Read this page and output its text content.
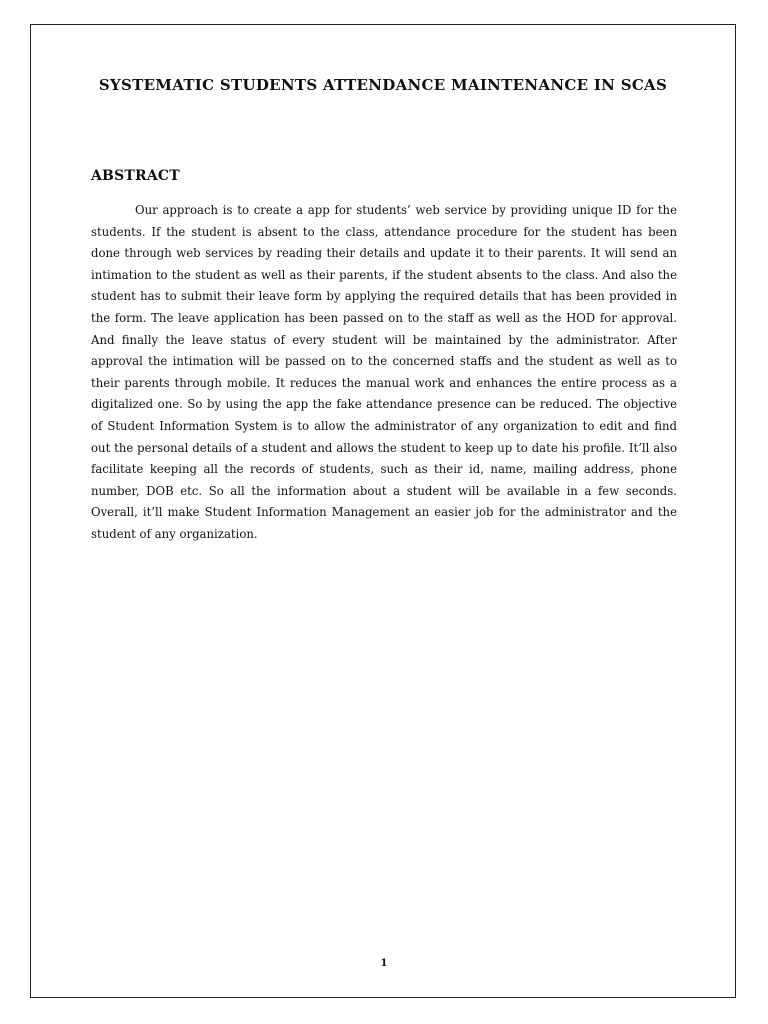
SYSTEMATIC STUDENTS ATTENDANCE MAINTENANCE IN SCAS
ABSTRACT

Our approach is to create a app for students’ web service by providing unique ID for the students. If the student is absent to the class, attendance procedure for the student has been done through web services by reading their details and update it to their parents. It will send an intimation to the student as well as their parents, if the student absents to the class. And also the student has to submit their leave form by applying the required details that has been provided in the form. The leave application has been passed on to the staff as well as the HOD for approval. And finally the leave status of every student will be maintained by the administrator. After approval the intimation will be passed on to the concerned staffs and the student as well as to their parents through mobile. It reduces the manual work and enhances the entire process as a digitalized one. So by using the app the fake attendance presence can be reduced. The objective of Student Information System is to allow the administrator of any organization to edit and find out the personal details of a student and allows the student to keep up to date his profile. It’ll also facilitate keeping all the records of students, such as their id, name, mailing address, phone number, DOB etc. So all the information about a student will be available in a few seconds. Overall, it’ll make Student Information Management an easier job for the administrator and the student of any organization.

1
